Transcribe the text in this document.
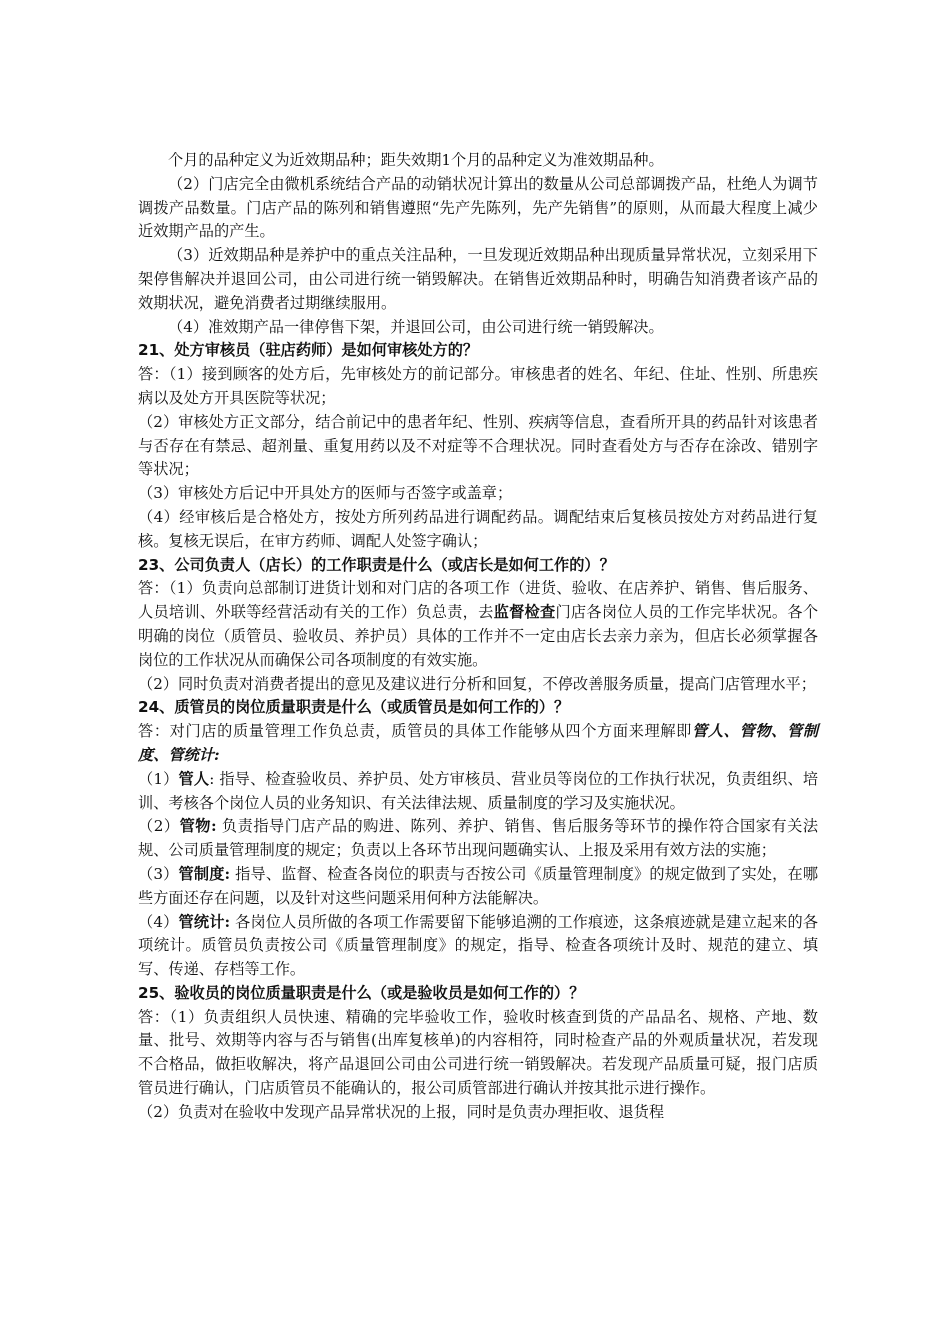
个月的品种定义为近效期品种；距失效期1个月的品种定义为准效期品种。

（2）门店完全由微机系统结合产品的动销状况计算出的数量从公司总部调拨产品，杜绝人为调节调拨产品数量。门店产品的陈列和销售遵照“先产先陈列，先产先销售”的原则，从而最大程度上减少近效期产品的产生。

（3）近效期品种是养护中的重点关注品种，一旦发现近效期品种出现质量异常状况，立刻采用下架停售解决并退回公司，由公司进行统一销毁解决。在销售近效期品种时，明确告知消费者该产品的效期状况，避免消费者过期继续服用。

（4）准效期产品一律停售下架，并退回公司，由公司进行统一销毁解决。

21、处方审核员（驻店药师）是如何审核处方的？

答：（1）接到顾客的处方后，先审核处方的前记部分。审核患者的姓名、年纪、住址、性别、所患疾病以及处方开具医院等状况；

（2）审核处方正文部分，结合前记中的患者年纪、性别、疾病等信息，查看所开具的药品针对该患者与否存在有禁忌、超剂量、重复用药以及不对症等不合理状况。同时查看处方与否存在涂改、错别字等状况；

（3）审核处方后记中开具处方的医师与否签字或盖章；

（4）经审核后是合格处方，按处方所列药品进行调配药品。调配结束后复核员按处方对药品进行复核。复核无误后，在审方药师、调配人处签字确认；

23、公司负责人（店长）的工作职责是什么（或店长是如何工作的）？

答：（1）负责向总部制订进货计划和对门店的各项工作（进货、验收、在店养护、销售、售后服务、人员培训、外联等经营活动有关的工作）负总责，去监督检查门店各岗位人员的工作完毕状况。各个明确的岗位（质管员、验收员、养护员）具体的工作并不一定由店长去亲力亲为，但店长必须掌握各岗位的工作状况从而确保公司各项制度的有效实施。

（2）同时负责对消费者提出的意见及建议进行分析和回复，不停改善服务质量，提高门店管理水平；

24、质管员的岗位质量职责是什么（或质管员是如何工作的）？

答：对门店的质量管理工作负总责，质管员的具体工作能够从四个方面来理解即管人、管物、管制度、管统计:

（1）管人: 指导、检查验收员、养护员、处方审核员、营业员等岗位的工作执行状况，负责组织、培训、考核各个岗位人员的业务知识、有关法律法规、质量制度的学习及实施状况。

（2）管物: 负责指导门店产品的购进、陈列、养护、销售、售后服务等环节的操作符合国家有关法规、公司质量管理制度的规定；负责以上各环节出现问题确实认、上报及采用有效方法的实施；

（3）管制度: 指导、监督、检查各岗位的职责与否按公司《质量管理制度》的规定做到了实处，在哪些方面还存在问题，以及针对这些问题采用何种方法能解决。

（4）管统计: 各岗位人员所做的各项工作需要留下能够追溯的工作痕迹，这条痕迹就是建立起来的各项统计。质管员负责按公司《质量管理制度》的规定，指导、检查各项统计及时、规范的建立、填写、传递、存档等工作。

25、验收员的岗位质量职责是什么（或是验收员是如何工作的）？

答：（1）负责组织人员快速、精确的完毕验收工作，验收时核查到货的产品品名、规格、产地、数量、批号、效期等内容与否与销售(出库复核单)的内容相符，同时检查产品的外观质量状况，若发现不合格品，做拒收解决，将产品退回公司由公司进行统一销毁解决。若发现产品质量可疑，报门店质管员进行确认，门店质管员不能确认的，报公司质管部进行确认并按其批示进行操作。

（2）负责对在验收中发现产品异常状况的上报，同时是负责办理拒收、退货程
